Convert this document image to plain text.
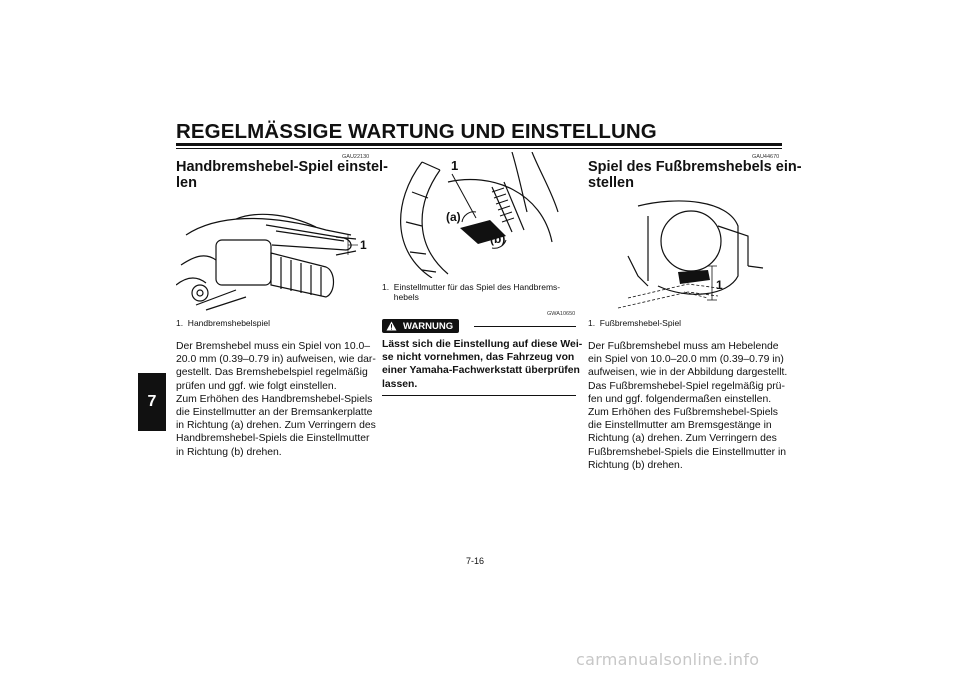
REGELMÄSSIGE WARTUNG UND EINSTELLUNG
7
GAU22130
Handbremshebel-Spiel einstel-
len
1
1.  Handbremshebelspiel
Der Bremshebel muss ein Spiel von 10.0–
20.0 mm (0.39–0.79 in) aufweisen, wie dar-
gestellt. Das Bremshebelspiel regelmäßig
prüfen und ggf. wie folgt einstellen.
Zum Erhöhen des Handbremshebel-Spiels
die Einstellmutter an der Bremsankerplatte
in Richtung (a) drehen. Zum Verringern des
Handbremshebel-Spiels die Einstellmutter
in Richtung (b) drehen.
1
(a)
(b)
1.  Einstellmutter für das Spiel des Handbrems-
hebels
GWA10650
WARNUNG
Lässt sich die Einstellung auf diese Wei-
se nicht vornehmen, das Fahrzeug von
einer Yamaha-Fachwerkstatt überprüfen
lassen.
GAU44670
Spiel des Fußbremshebels ein-
stellen
1
1.  Fußbremshebel-Spiel
Der Fußbremshebel muss am Hebelende
ein Spiel von 10.0–20.0 mm (0.39–0.79 in)
aufweisen, wie in der Abbildung dargestellt.
Das Fußbremshebel-Spiel regelmäßig prü-
fen und ggf. folgendermaßen einstellen.
Zum Erhöhen des Fußbremshebel-Spiels
die Einstellmutter am Bremsgestänge in
Richtung (a) drehen. Zum Verringern des
Fußbremshebel-Spiels die Einstellmutter in
Richtung (b) drehen.
7-16
carmanualsonline.info
